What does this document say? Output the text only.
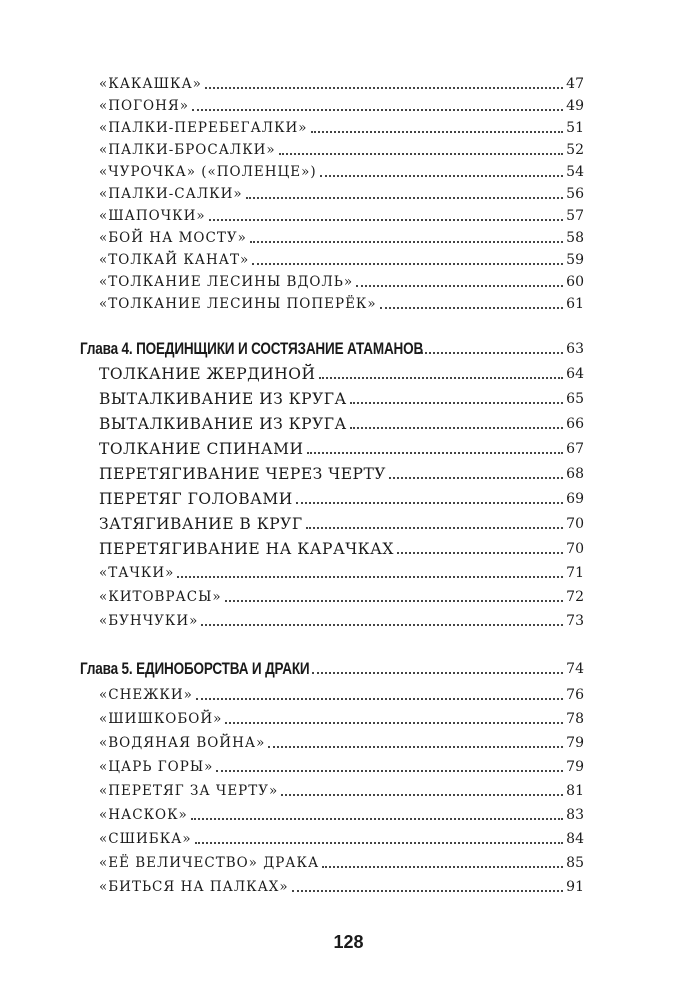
«КАКАШКА»	47
«ПОГОНЯ»	49
«ПАЛКИ-ПЕРЕБЕГАЛКИ»	51
«ПАЛКИ-БРОСАЛКИ»	52
«ЧУРОЧКА» («ПОЛЕНЦЕ»)	54
«ПАЛКИ-САЛКИ»	56
«ШАПОЧКИ»	57
«БОЙ НА МОСТУ»	58
«ТОЛКАЙ КАНАТ»	59
«ТОЛКАНИЕ ЛЕСИНЫ ВДОЛЬ»	60
«ТОЛКАНИЕ ЛЕСИНЫ ПОПЕРЁК»	61
Глава 4. ПОЕДИНЩИКИ И СОСТЯЗАНИЕ АТАМАНОВ	63
ТОЛКАНИЕ ЖЕРДИНОЙ	64
ВЫТАЛКИВАНИЕ ИЗ КРУГА	65
ВЫТАЛКИВАНИЕ ИЗ КРУГА	66
ТОЛКАНИЕ СПИНАМИ	67
ПЕРЕТЯГИВАНИЕ ЧЕРЕЗ ЧЕРТУ	68
ПЕРЕТЯГ ГОЛОВАМИ	69
ЗАТЯГИВАНИЕ В КРУГ	70
ПЕРЕТЯГИВАНИЕ НА КАРАЧКАХ	70
«ТАЧКИ»	71
«КИТОВРАСЫ»	72
«БУНЧУКИ»	73
Глава 5. ЕДИНОБОРСТВА И ДРАКИ	74
«СНЕЖКИ»	76
«ШИШКОБОЙ»	78
«ВОДЯНАЯ ВОЙНА»	79
«ЦАРЬ ГОРЫ»	79
«ПЕРЕТЯГ ЗА ЧЕРТУ»	81
«НАСКОК»	83
«СШИБКА»	84
«ЕЁ ВЕЛИЧЕСТВО» ДРАКА	85
«БИТЬСЯ НА ПАЛКАХ»	91
128
